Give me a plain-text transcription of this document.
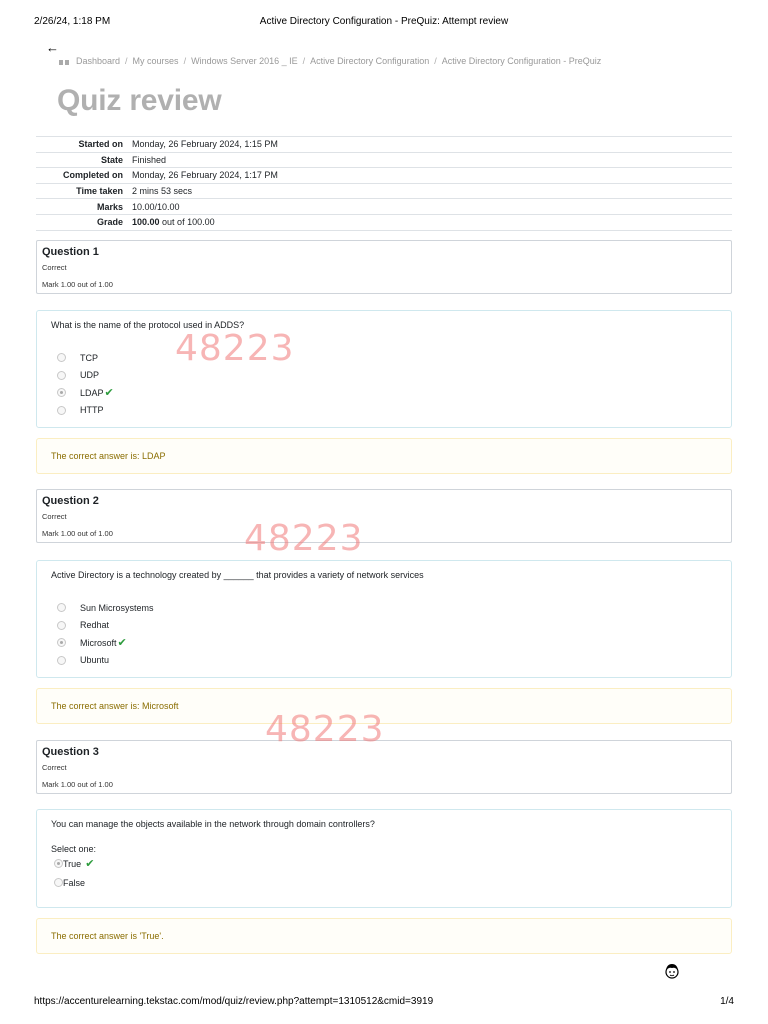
2/26/24, 1:18 PM	Active Directory Configuration - PreQuiz: Attempt review
←
Dashboard / My courses / Windows Server 2016 _ IE / Active Directory Configuration / Active Directory Configuration - PreQuiz
Quiz review
Started on	Monday, 26 February 2024, 1:15 PM
State	Finished
Completed on	Monday, 26 February 2024, 1:17 PM
Time taken	2 mins 53 secs
Marks	10.00/10.00
Grade	100.00 out of 100.00
Question 1
Correct
Mark 1.00 out of 1.00
What is the name of the protocol used in ADDS?
TCP
UDP
LDAP ✔
HTTP
The correct answer is: LDAP
Question 2
Correct
Mark 1.00 out of 1.00
Active Directory is a technology created by ______ that provides a variety of network services
Sun Microsystems
Redhat
Microsoft ✔
Ubuntu
The correct answer is: Microsoft
Question 3
Correct
Mark 1.00 out of 1.00
You can manage the objects available in the network through domain controllers?
Select one:
True ✔
False
The correct answer is 'True'.
48223
48223
48223
https://accenturelearning.tekstac.com/mod/quiz/review.php?attempt=1310512&cmid=3919	1/4
